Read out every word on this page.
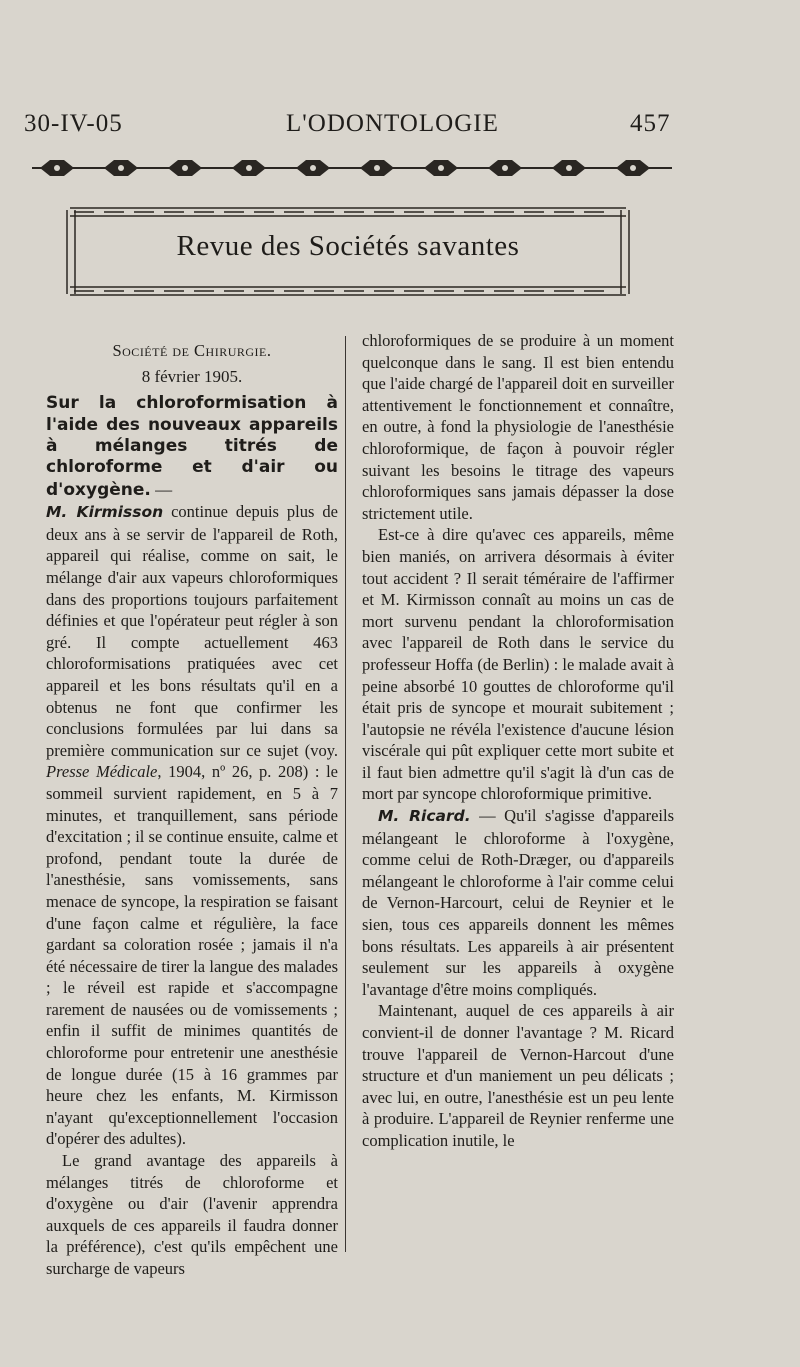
30-IV-05	L'ODONTOLOGIE	457
Revue des Sociétés savantes
Société de Chirurgie.
8 février 1905.
Sur la chloroformisation à l'aide des nouveaux appareils à mélanges titrés de chloroforme et d'air ou d'oxygène. —

M. Kirmisson continue depuis plus de deux ans à se servir de l'appareil de Roth, appareil qui réalise, comme on sait, le mélange d'air aux vapeurs chloroformiques dans des proportions toujours parfaitement définies et que l'opérateur peut régler à son gré. Il compte actuellement 463 chloroformisations pratiquées avec cet appareil et les bons résultats qu'il en a obtenus ne font que confirmer les conclusions formulées par lui dans sa première communication sur ce sujet (voy. Presse Médicale, 1904, nº 26, p. 208) : le sommeil survient rapidement, en 5 à 7 minutes, et tranquillement, sans période d'excitation ; il se continue ensuite, calme et profond, pendant toute la durée de l'anesthésie, sans vomissements, sans menace de syncope, la respiration se faisant d'une façon calme et régulière, la face gardant sa coloration rosée ; jamais il n'a été nécessaire de tirer la langue des malades ; le réveil est rapide et s'accompagne rarement de nausées ou de vomissements ; enfin il suffit de minimes quantités de chloroforme pour entretenir une anesthésie de longue durée (15 à 16 grammes par heure chez les enfants, M. Kirmisson n'ayant qu'exceptionnellement l'occasion d'opérer des adultes).

Le grand avantage des appareils à mélanges titrés de chloroforme et d'oxygène ou d'air (l'avenir apprendra auxquels de ces appareils il faudra donner la préférence), c'est qu'ils empêchent une surcharge de vapeurs

chloroformiques de se produire à un moment quelconque dans le sang. Il est bien entendu que l'aide chargé de l'appareil doit en surveiller attentivement le fonctionnement et connaître, en outre, à fond la physiologie de l'anesthésie chloroformique, de façon à pouvoir régler suivant les besoins le titrage des vapeurs chloroformiques sans jamais dépasser la dose strictement utile.

Est-ce à dire qu'avec ces appareils, même bien maniés, on arrivera désormais à éviter tout accident ? Il serait téméraire de l'affirmer et M. Kirmisson connaît au moins un cas de mort survenu pendant la chloroformisation avec l'appareil de Roth dans le service du professeur Hoffa (de Berlin) : le malade avait à peine absorbé 10 gouttes de chloroforme qu'il était pris de syncope et mourait subitement ; l'autopsie ne révéla l'existence d'aucune lésion viscérale qui pût expliquer cette mort subite et il faut bien admettre qu'il s'agit là d'un cas de mort par syncope chloroformique primitive.

M. Ricard. — Qu'il s'agisse d'appareils mélangeant le chloroforme à l'oxygène, comme celui de Roth-Dræger, ou d'appareils mélangeant le chloroforme à l'air comme celui de Vernon-Harcourt, celui de Reynier et le sien, tous ces appareils donnent les mêmes bons résultats. Les appareils à air présentent seulement sur les appareils à oxygène l'avantage d'être moins compliqués.

Maintenant, auquel de ces appareils à air convient-il de donner l'avantage ? M. Ricard trouve l'appareil de Vernon-Harcout d'une structure et d'un maniement un peu délicats ; avec lui, en outre, l'anesthésie est un peu lente à produire. L'appareil de Reynier renferme une complication inutile, le
